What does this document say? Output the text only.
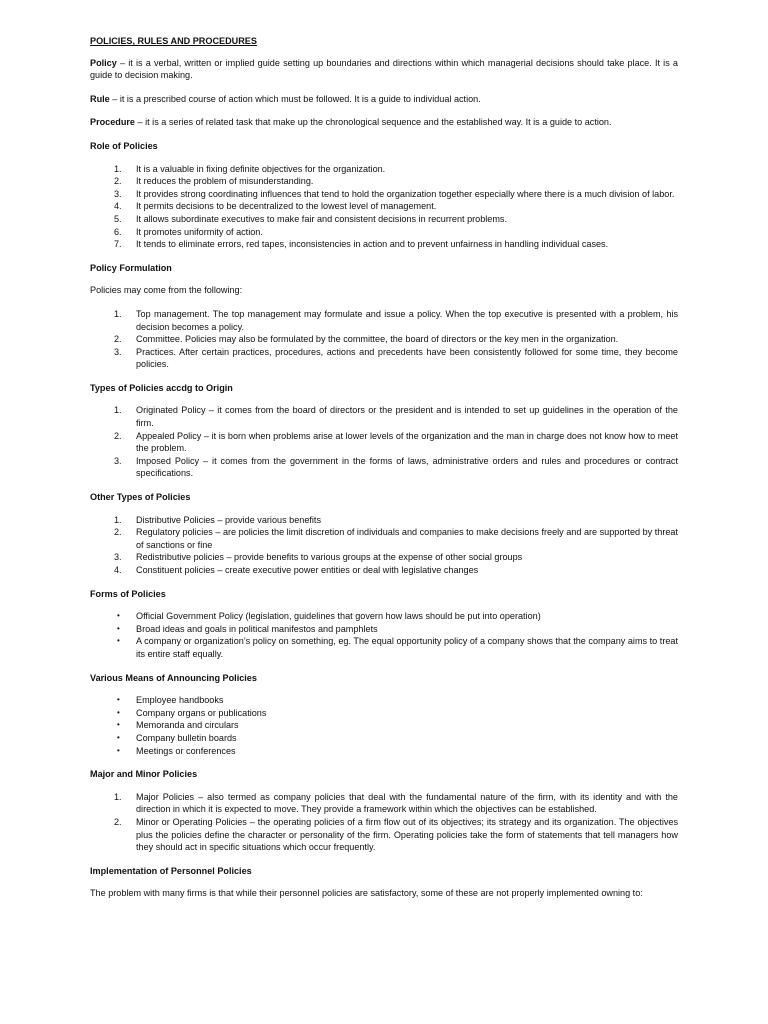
POLICIES, RULES AND PROCEDURES

Policy – it is a verbal, written or implied guide setting up boundaries and directions within which managerial decisions should take place. It is a guide to decision making.

Rule – it is a prescribed course of action which must be followed. It is a guide to individual action.

Procedure – it is a series of related task that make up the chronological sequence and the established way. It is a guide to action.

Role of Policies
1. It is a valuable in fixing definite objectives for the organization.
2. It reduces the problem of misunderstanding.
3. It provides strong coordinating influences that tend to hold the organization together especially where there is a much division of labor.
4. It permits decisions to be decentralized to the lowest level of management.
5. It allows subordinate executives to make fair and consistent decisions in recurrent problems.
6. It promotes uniformity of action.
7. It tends to eliminate errors, red tapes, inconsistencies in action and to prevent unfairness in handling individual cases.
Policy Formulation

Policies may come from the following:

1. Top management. The top management may formulate and issue a policy. When the top executive is presented with a problem, his decision becomes a policy.
2. Committee. Policies may also be formulated by the committee, the board of directors or the key men in the organization.
3. Practices. After certain practices, procedures, actions and precedents have been consistently followed for some time, they become policies.
Types of Policies accdg to Origin
1. Originated Policy – it comes from the board of directors or the president and is intended to set up guidelines in the operation of the firm.
2. Appealed Policy – it is born when problems arise at lower levels of the organization and the man in charge does not know how to meet the problem.
3. Imposed Policy – it comes from the government in the forms of laws, administrative orders and rules and procedures or contract specifications.
Other Types of Policies
1. Distributive Policies – provide various benefits
2. Regulatory policies – are policies the limit discretion of individuals and companies to make decisions freely and are supported by threat of sanctions or fine
3. Redistributive policies – provide benefits to various groups at the expense of other social groups
4. Constituent policies – create executive power entities or deal with legislative changes
Forms of Policies
• Official Government Policy (legislation, guidelines that govern how laws should be put into operation)
• Broad ideas and goals in political manifestos and pamphlets
• A company or organization’s policy on something, eg. The equal opportunity policy of a company shows that the company aims to treat its entire staff equally.
Various Means of Announcing Policies
• Employee handbooks
• Company organs or publications
• Memoranda and circulars
• Company bulletin boards
• Meetings or conferences
Major and Minor Policies
1. Major Policies – also termed as company policies that deal with the fundamental nature of the firm, with its identity and with the direction in which it is expected to move. They provide a framework within which the objectives can be established.
2. Minor or Operating Policies – the operating policies of a firm flow out of its objectives; its strategy and its organization. The objectives plus the policies define the character or personality of the firm. Operating policies take the form of statements that tell managers how they should act in specific situations which occur frequently.
Implementation of Personnel Policies

The problem with many firms is that while their personnel policies are satisfactory, some of these are not properly implemented owning to:
